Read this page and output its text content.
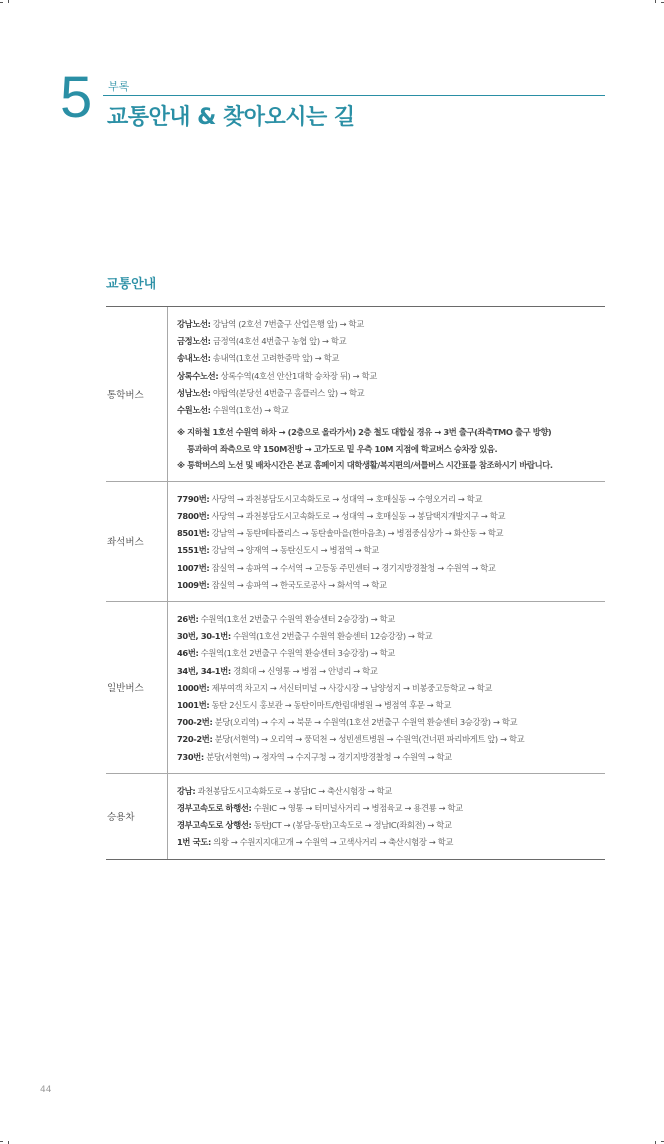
5 부록
교통안내 & 찾아오시는 길
교통안내
통학버스
강남노선: 강남역 (2호선 7번출구 산업은행 앞) → 학교
금정노선: 금정역(4호선 4번출구 농협 앞) → 학교
송내노선: 송내역(1호선 고려한증막 앞) → 학교
상록수노선: 상록수역(4호선 안산1대학 승차장 뒤) → 학교
성남노선: 야탑역(분당선 4번출구 홈플러스 앞) → 학교
수원노선: 수원역(1호선) → 학교
※ 지하철 1호선 수원역 하차 → (2층으로 올라가서) 2층 철도 대합실 경유 → 3번 출구(좌측TMO 출구 방향)
통과하여 좌측으로 약 150M전방 → 고가도로 밑 우측 10M 지점에 학교버스 승차장 있음.
※ 통학버스의 노선 및 배차시간은 본교 홈페이지 대학생활/복지편의/셔틀버스 시간표를 참조하시기 바랍니다.
좌석버스
7790번: 사당역 → 과천봉담도시고속화도로 → 성대역 → 호매실동 → 수영오거리 → 학교
7800번: 사당역 → 과천봉담도시고속화도로 → 성대역 → 호매실동 → 봉담택지개발지구 → 학교
8501번: 강남역 → 동탄메타폴리스 → 동탄솔마을(한마음초) → 병점중심상가 → 화산동 → 학교
1551번: 강남역 → 양재역 → 동탄신도시 → 병점역 → 학교
1007번: 잠실역 → 송파역 → 수서역 → 고등동 주민센터 → 경기지방경찰청 → 수원역 → 학교
1009번: 잠실역 → 송파역 → 한국도로공사 → 화서역 → 학교
일반버스
26번: 수원역(1호선 2번출구 수원역 환승센터 2승강장) → 학교
30번, 30-1번: 수원역(1호선 2번출구 수원역 환승센터 12승강장) → 학교
46번: 수원역(1호선 2번출구 수원역 환승센터 3승강장) → 학교
34번, 34-1번: 경희대 → 신영통 → 병점 → 안녕리 → 학교
1000번: 제부여객 차고지 → 서신터미널 → 사강시장 → 남양성지 → 비봉중고등학교 → 학교
1001번: 동탄 2신도시 홍보관 → 동탄이마트/한림대병원 → 병점역 후문 → 학교
700-2번: 분당(오리역) → 수지 → 북문 → 수원역(1호선 2번출구 수원역 환승센터 3승강장) → 학교
720-2번: 분당(서현역) → 오리역 → 풍덕천 → 성빈센트병원 → 수원역(건너편 파리바게트 앞) → 학교
730번: 분당(서현역) → 정자역 → 수지구청 → 경기지방경찰청 → 수원역 → 학교
승용차
강남: 과천봉담도시고속화도로 → 봉담IC → 축산시험장 → 학교
경부고속도로 하행선: 수원IC → 영통 → 터미널사거리 → 병점육교 → 용견룡 → 학교
경부고속도로 상행선: 동탄JCT → (봉담-동탄)고속도로 → 정남IC(좌회전) → 학교
1번 국도: 의왕 → 수원지지대고개 → 수원역 → 고색사거리 → 축산시험장 → 학교
44
